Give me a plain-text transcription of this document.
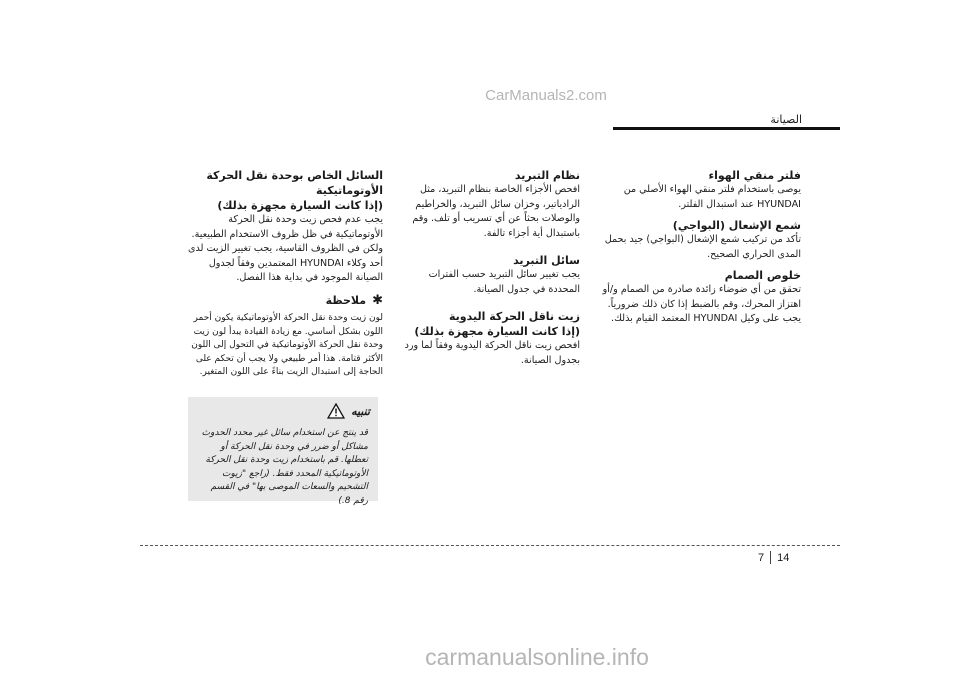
CarManuals2.com
الصيانة
فلتر منقي الهواء

يوصى باستخدام فلتر منقي الهواء الأصلي من HYUNDAI عند استبدال الفلتر.

شمع الإشعال (البواجي)

تأكد من تركيب شمع الإشعال (البواجي) جيد بحمل المدى الحراري الصحيح.

خلوص الصمام

تحقق من أي ضوضاء زائدة صادرة من الصمام و/أو اهتزاز المحرك، وقم بالضبط إذا كان ذلك ضرورياً.

يجب على وكيل HYUNDAI المعتمد القيام بذلك.

نظام التبريد

افحص الأجزاء الخاصة بنظام التبريد، مثل الرادياتير، وخزان سائل التبريد، والخراطيم والوصلات بحثاً عن أي تسريب أو تلف. وقم باستبدال أية أجزاء تالفة.

سائل التبريد

يجب تغيير سائل التبريد حسب الفترات المحددة في جدول الصيانة.

زيت ناقل الحركة اليدوية
(إذا كانت السيارة مجهزة بذلك)

افحص زيت ناقل الحركة اليدوية وفقاً لما ورد بجدول الصيانة.

السائل الخاص بوحدة نقل الحركة
الأوتوماتيكية
(إذا كانت السيارة مجهزة بذلك)

يجب عدم فحص زيت وحدة نقل الحركة الأوتوماتيكية في ظل ظروف الاستخدام الطبيعية. ولكن في الظروف القاسية، يجب تغيير الزيت لدى أحد وكلاء HYUNDAI المعتمدين وفقاً لجدول الصيانة الموجود في بداية هذا الفصل.

✱
ملاحظة
لون زيت وحدة نقل الحركة الأوتوماتيكية يكون أحمر اللون بشكل أساسي. مع زيادة القيادة يبدأ لون زيت وحدة نقل الحركة الأوتوماتيكية في التحول إلى اللون الأكثر قتامة. هذا أمر طبيعي ولا يجب أن تحكم على الحاجة إلى استبدال الزيت بناءً على اللون المتغير.
تنبيه
قد ينتج عن استخدام سائل غير محدد الحدوث مشاكل أو ضرر في وحدة نقل الحركة أو تعطلها. قم باستخدام زيت وحدة نقل الحركة الأوتوماتيكية المحدد فقط. (راجع "زيوت التشحيم والسعات الموصى بها" في القسم رقم 8.)
7 14
carmanualsonline.info
